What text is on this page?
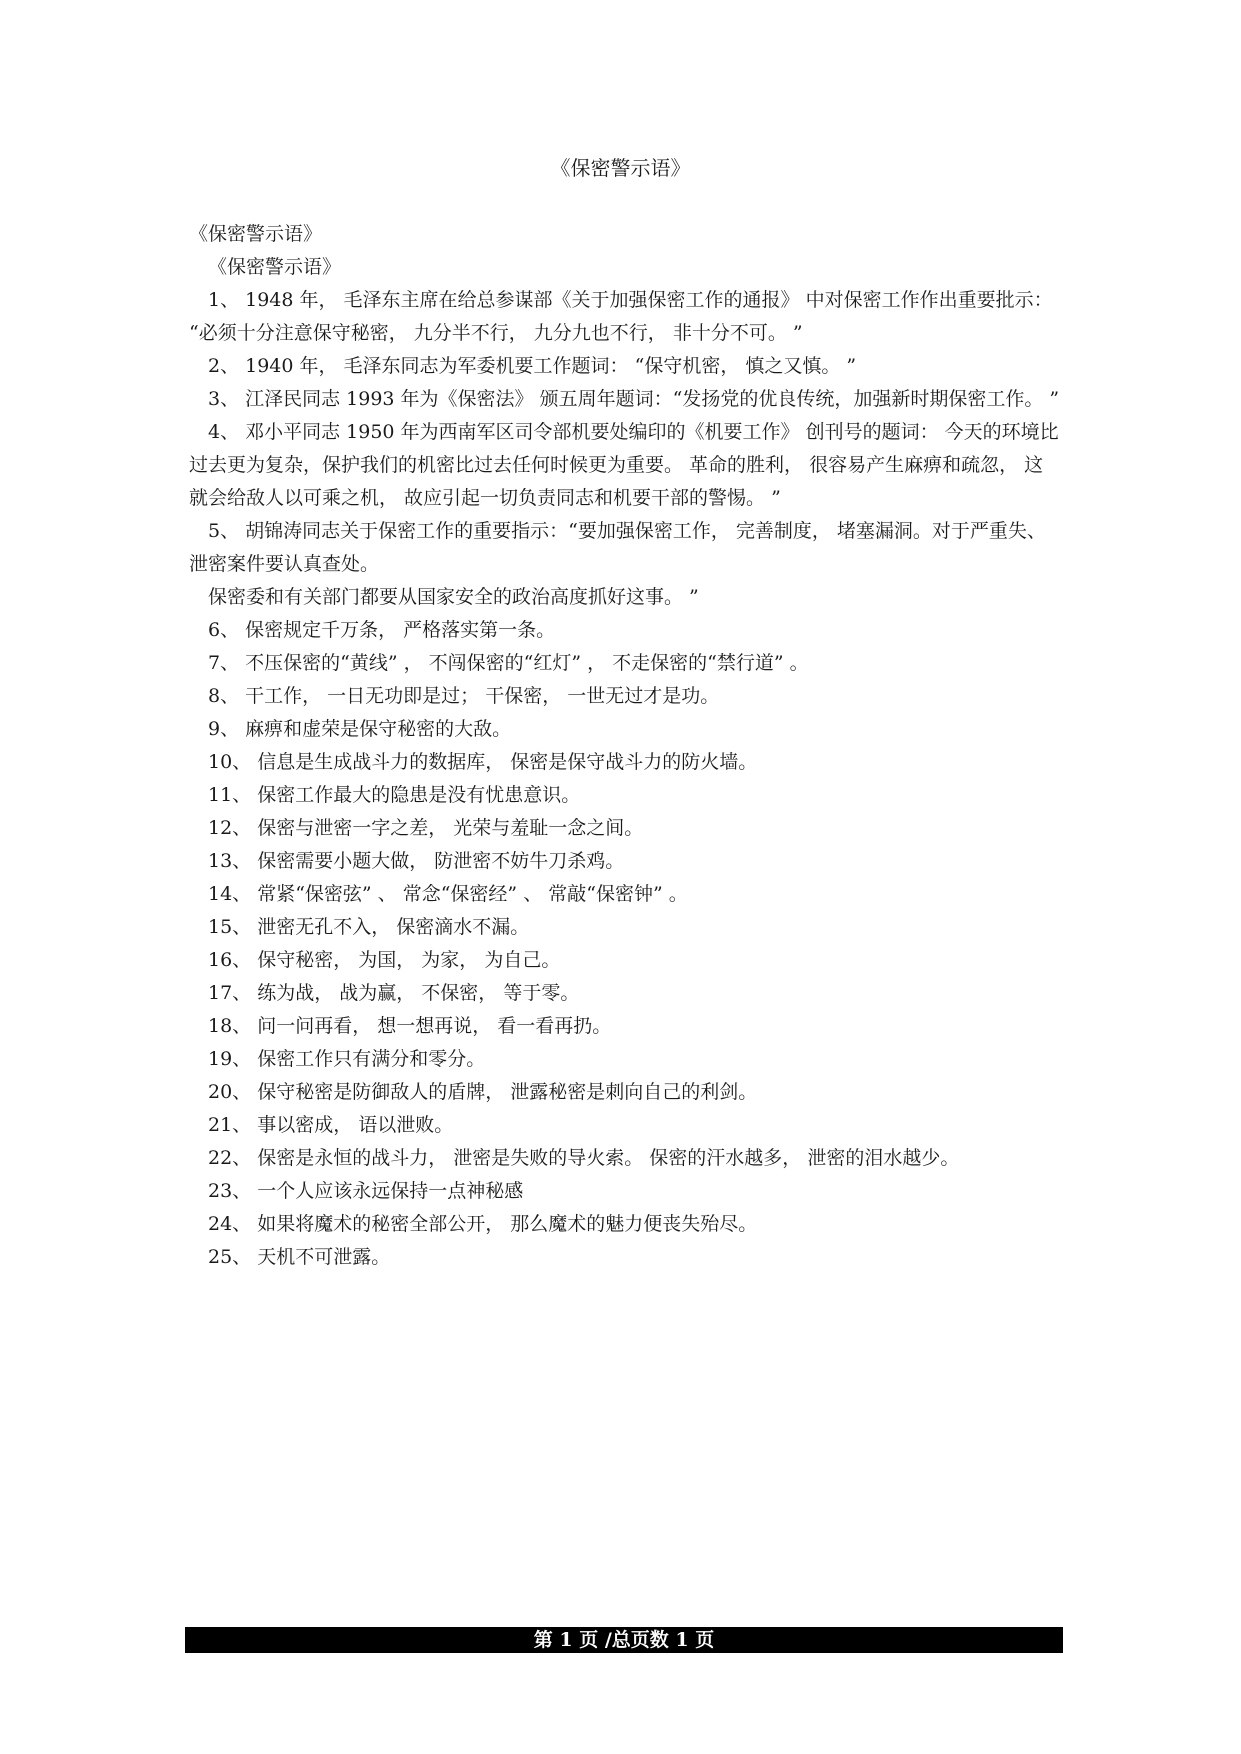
《保密警示语》

《保密警示语》

《保密警示语》

1、 1948 年， 毛泽东主席在给总参谋部《关于加强保密工作的通报》 中对保密工作作出重要批示： “必须十分注意保守秘密， 九分半不行， 九分九也不行， 非十分不可。 ”

2、 1940 年， 毛泽东同志为军委机要工作题词： “保守机密， 慎之又慎。 ”

3、 江泽民同志 1993 年为《保密法》 颁五周年题词：“发扬党的优良传统，加强新时期保密工作。 ”

4、 邓小平同志 1950 年为西南军区司令部机要处编印的《机要工作》 创刊号的题词： 今天的环境比过去更为复杂，保护我们的机密比过去任何时候更为重要。 革命的胜利， 很容易产生麻痹和疏忽， 这就会给敌人以可乘之机， 故应引起一切负责同志和机要干部的警惕。 ”

5、 胡锦涛同志关于保密工作的重要指示：“要加强保密工作， 完善制度， 堵塞漏洞。对于严重失、 泄密案件要认真查处。

保密委和有关部门都要从国家安全的政治高度抓好这事。 ”

6、 保密规定千万条， 严格落实第一条。

7、 不压保密的“黄线” ， 不闯保密的“红灯” ， 不走保密的“禁行道” 。

8、 干工作， 一日无功即是过； 干保密， 一世无过才是功。

9、 麻痹和虚荣是保守秘密的大敌。

10、 信息是生成战斗力的数据库， 保密是保守战斗力的防火墙。

11、 保密工作最大的隐患是没有忧患意识。

12、 保密与泄密一字之差， 光荣与羞耻一念之间。

13、 保密需要小题大做， 防泄密不妨牛刀杀鸡。

14、 常紧“保密弦” 、 常念“保密经” 、 常敲“保密钟” 。

15、 泄密无孔不入， 保密滴水不漏。

16、 保守秘密， 为国， 为家， 为自己。

17、 练为战， 战为赢， 不保密， 等于零。

18、 问一问再看， 想一想再说， 看一看再扔。

19、 保密工作只有满分和零分。

20、 保守秘密是防御敌人的盾牌， 泄露秘密是刺向自己的利剑。

21、 事以密成， 语以泄败。

22、 保密是永恒的战斗力， 泄密是失败的导火索。 保密的汗水越多， 泄密的泪水越少。

23、 一个人应该永远保持一点神秘感

24、 如果将魔术的秘密全部公开， 那么魔术的魅力便丧失殆尽。

25、 天机不可泄露。

第 1 页 /总页数 1 页
